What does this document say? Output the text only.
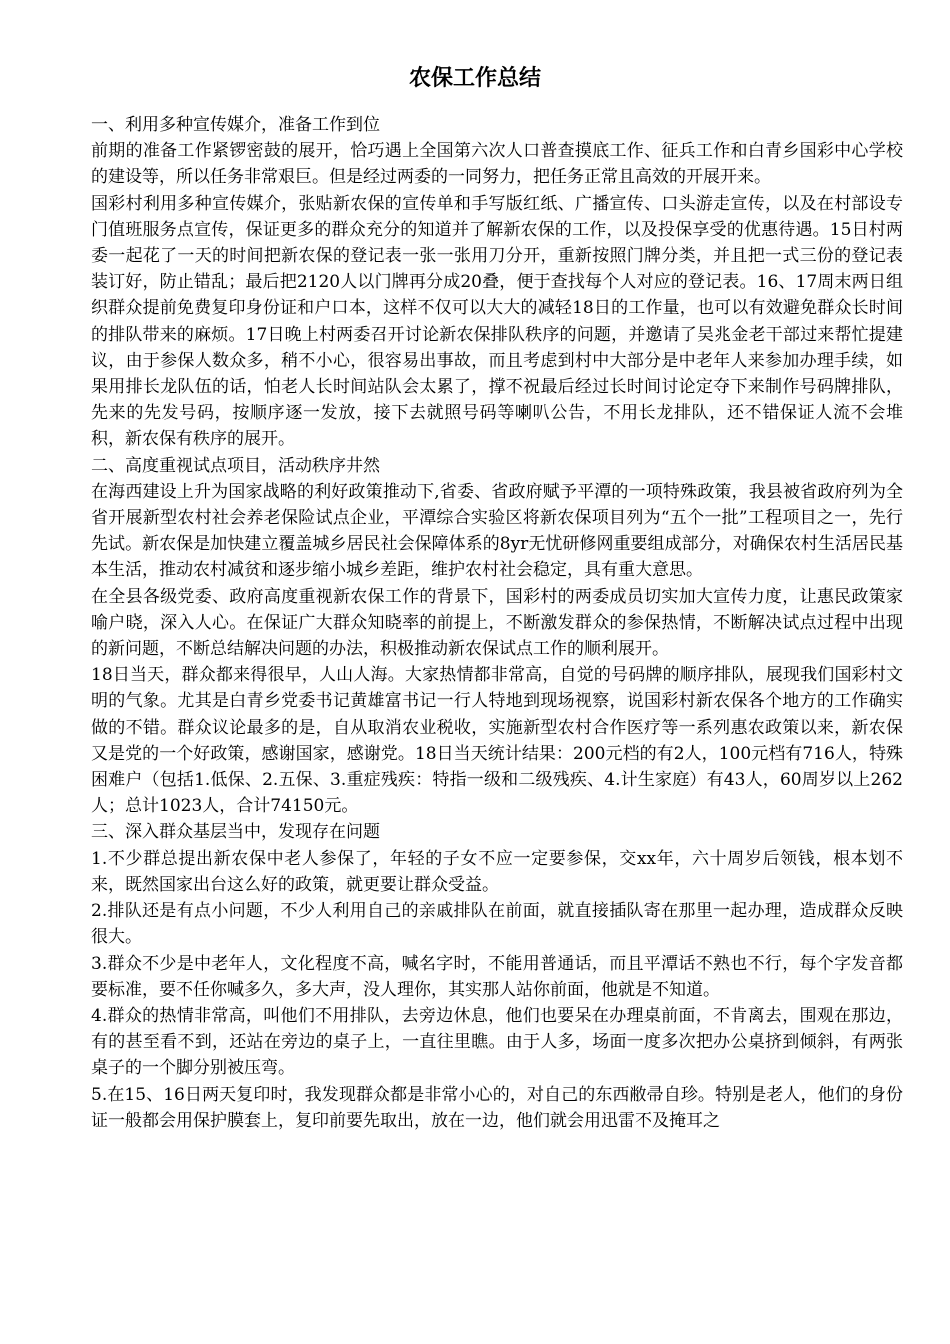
农保工作总结

一、利用多种宣传媒介，准备工作到位

前期的准备工作紧锣密鼓的展开，恰巧遇上全国第六次人口普查摸底工作、征兵工作和白青乡国彩中心学校的建设等，所以任务非常艰巨。但是经过两委的一同努力，把任务正常且高效的开展开来。

国彩村利用多种宣传媒介，张贴新农保的宣传单和手写版红纸、广播宣传、口头游走宣传，以及在村部设专门值班服务点宣传，保证更多的群众充分的知道并了解新农保的工作，以及投保享受的优惠待遇。15日村两委一起花了一天的时间把新农保的登记表一张一张用刀分开，重新按照门牌分类，并且把一式三份的登记表装订好，防止错乱；最后把2120人以门牌再分成20叠，便于查找每个人对应的登记表。16、17周末两日组织群众提前免费复印身份证和户口本，这样不仅可以大大的减轻18日的工作量，也可以有效避免群众长时间的排队带来的麻烦。17日晚上村两委召开讨论新农保排队秩序的问题，并邀请了吴兆金老干部过来帮忙提建议，由于参保人数众多，稍不小心，很容易出事故，而且考虑到村中大部分是中老年人来参加办理手续，如果用排长龙队伍的话，怕老人长时间站队会太累了，撑不祝最后经过长时间讨论定夺下来制作号码牌排队，先来的先发号码，按顺序逐一发放，接下去就照号码等喇叭公告，不用长龙排队，还不错保证人流不会堆积，新农保有秩序的展开。

二、高度重视试点项目，活动秩序井然

在海西建设上升为国家战略的利好政策推动下,省委、省政府赋予平潭的一项特殊政策，我县被省政府列为全省开展新型农村社会养老保险试点企业，平潭综合实验区将新农保项目列为“五个一批”工程项目之一，先行先试。新农保是加快建立覆盖城乡居民社会保障体系的8yr无忧研修网重要组成部分，对确保农村生活居民基本生活，推动农村减贫和逐步缩小城乡差距，维护农村社会稳定，具有重大意思。

在全县各级党委、政府高度重视新农保工作的背景下，国彩村的两委成员切实加大宣传力度，让惠民政策家喻户晓，深入人心。在保证广大群众知晓率的前提上，不断激发群众的参保热情，不断解决试点过程中出现的新问题，不断总结解决问题的办法，积极推动新农保试点工作的顺利展开。

18日当天，群众都来得很早，人山人海。大家热情都非常高，自觉的号码牌的顺序排队，展现我们国彩村文明的气象。尤其是白青乡党委书记黄雄富书记一行人特地到现场视察，说国彩村新农保各个地方的工作确实做的不错。群众议论最多的是，自从取消农业税收，实施新型农村合作医疗等一系列惠农政策以来，新农保又是党的一个好政策，感谢国家，感谢党。18日当天统计结果：200元档的有2人，100元档有716人，特殊困难户（包括1.低保、2.五保、3.重症残疾：特指一级和二级残疾、4.计生家庭）有43人，60周岁以上262人；总计1023人，合计74150元。

三、深入群众基层当中，发现存在问题

1.不少群总提出新农保中老人参保了，年轻的子女不应一定要参保，交xx年，六十周岁后领钱，根本划不来，既然国家出台这么好的政策，就更要让群众受益。

2.排队还是有点小问题，不少人利用自己的亲戚排队在前面，就直接插队寄在那里一起办理，造成群众反映很大。

3.群众不少是中老年人，文化程度不高，喊名字时，不能用普通话，而且平潭话不熟也不行，每个字发音都要标准，要不任你喊多久，多大声，没人理你，其实那人站你前面，他就是不知道。

4.群众的热情非常高，叫他们不用排队，去旁边休息，他们也要呆在办理桌前面，不肯离去，围观在那边，有的甚至看不到，还站在旁边的桌子上，一直往里瞧。由于人多，场面一度多次把办公桌挤到倾斜，有两张桌子的一个脚分别被压弯。

5.在15、16日两天复印时，我发现群众都是非常小心的，对自己的东西敝帚自珍。特别是老人，他们的身份证一般都会用保护膜套上，复印前要先取出，放在一边，他们就会用迅雷不及掩耳之
